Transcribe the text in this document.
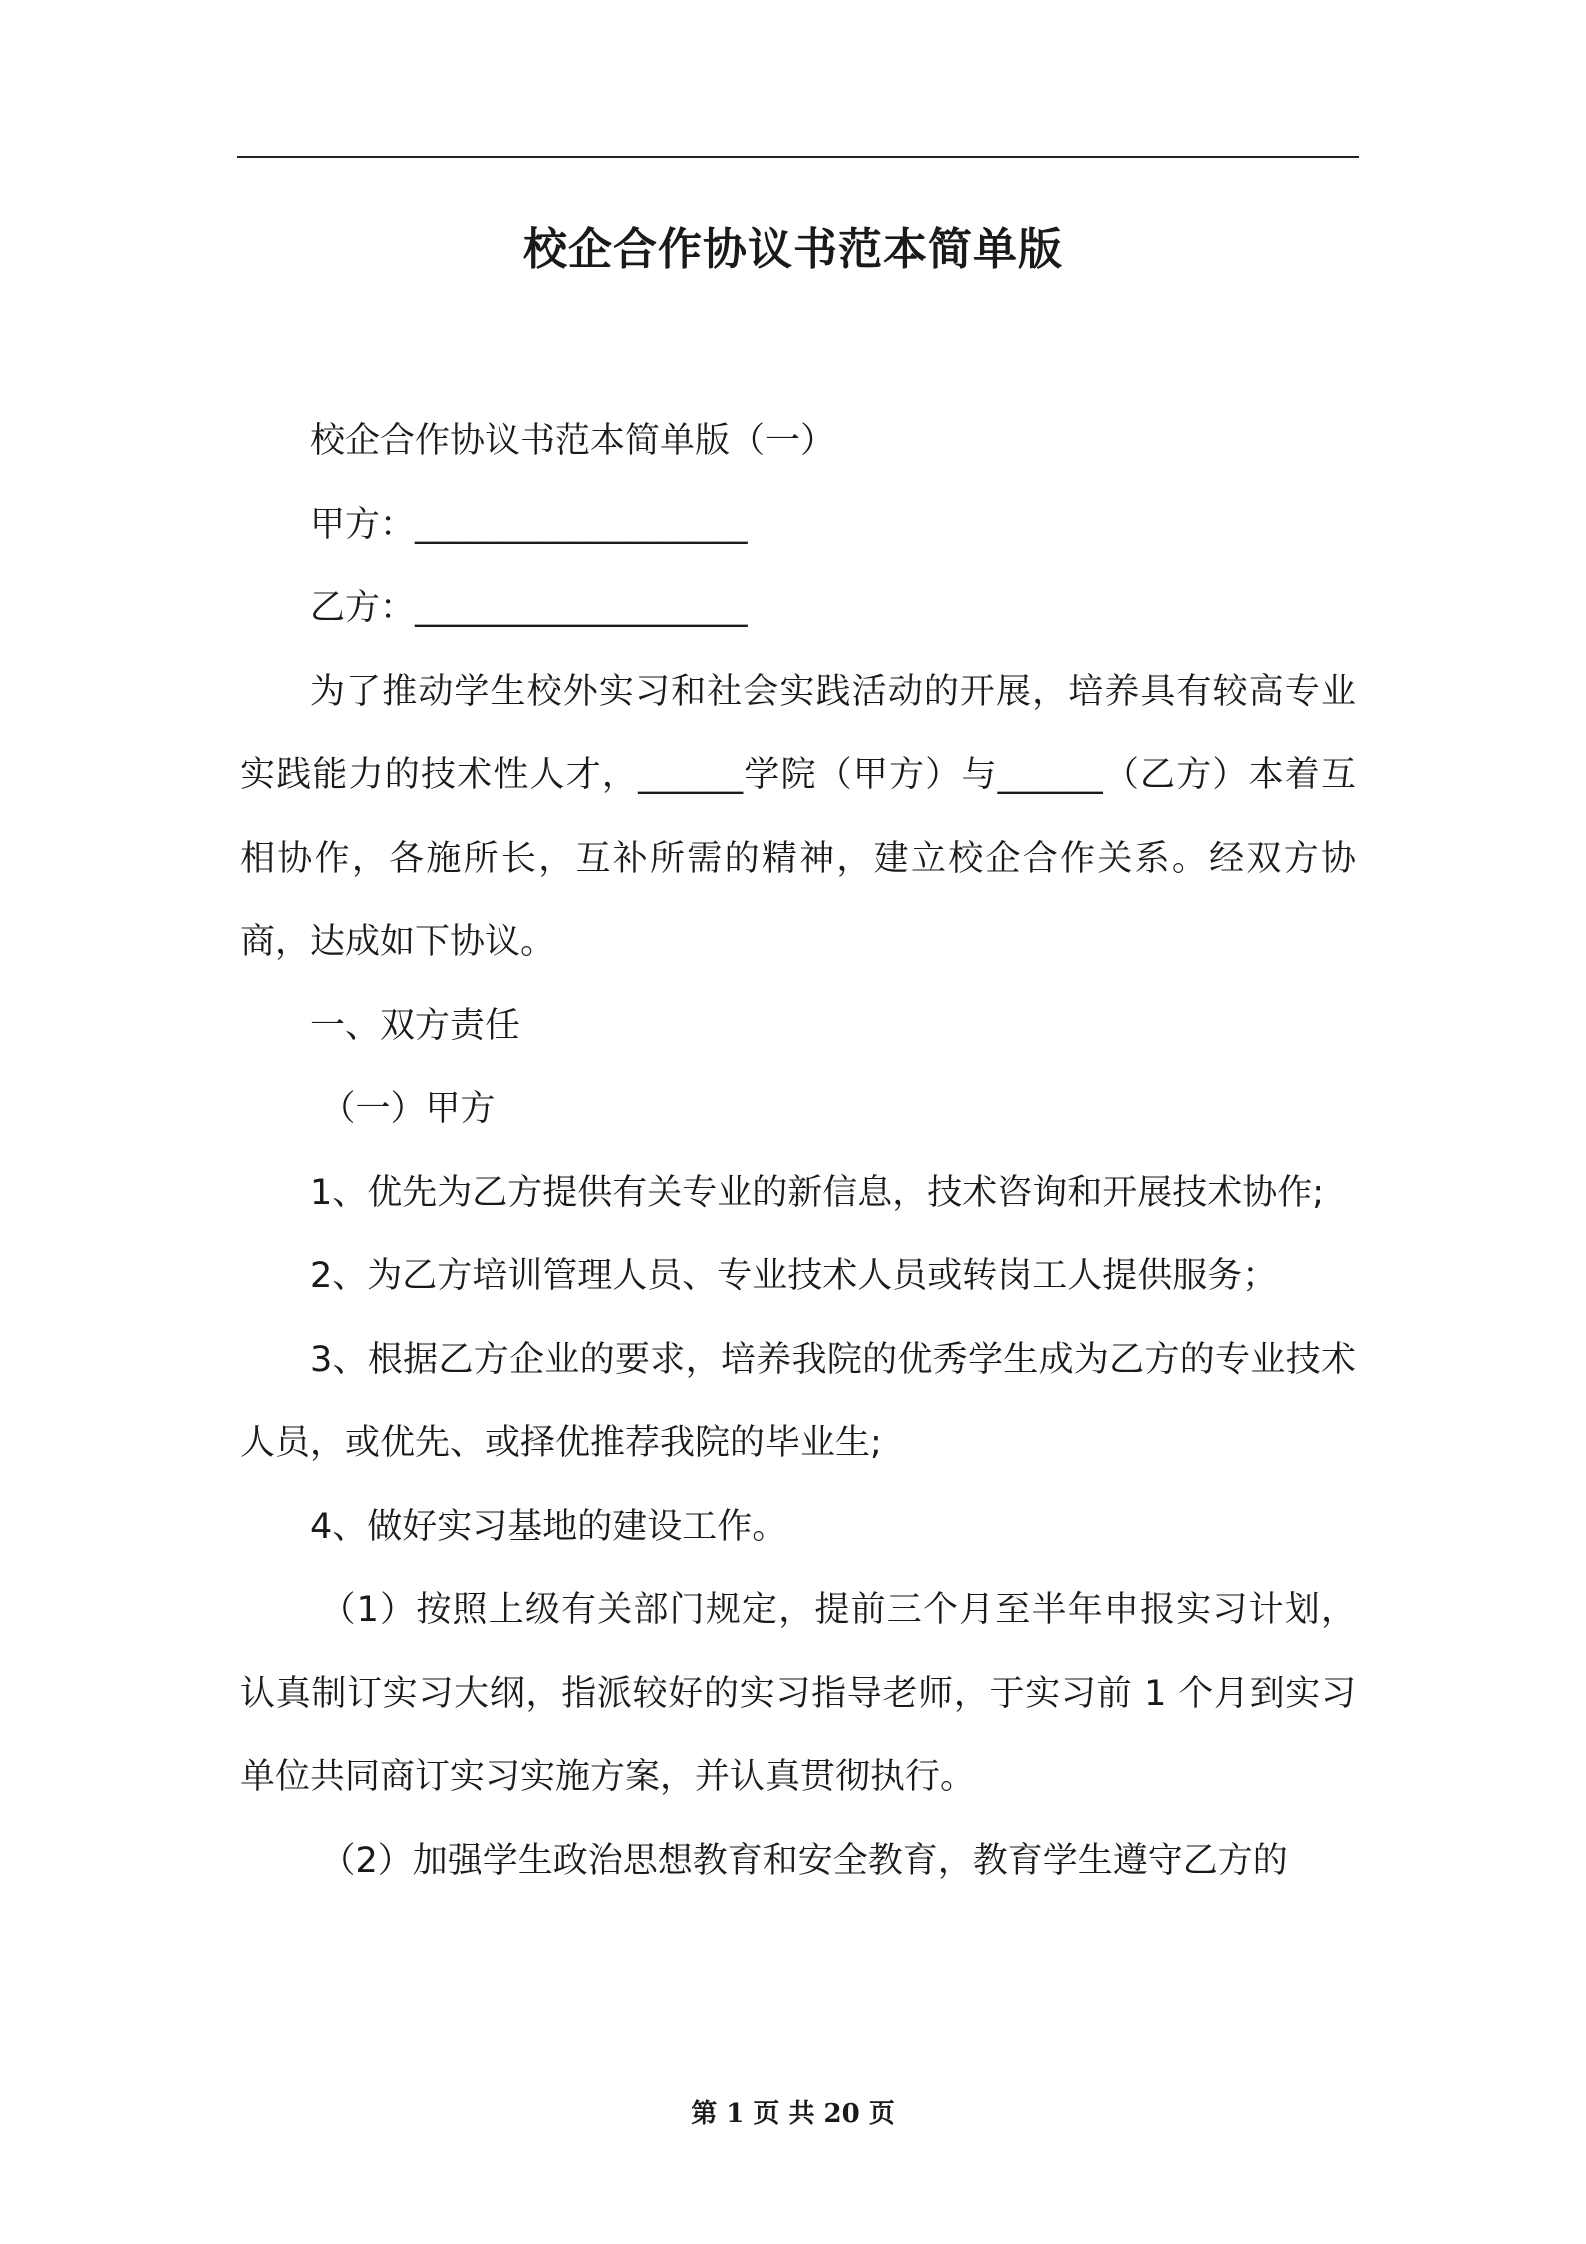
校企合作协议书范本简单版

校企合作协议书范本简单版（一）

甲方：___________________

乙方：___________________

为了推动学生校外实习和社会实践活动的开展，培养具有较高专业实践能力的技术性人才，______学院（甲方）与______（乙方）本着互相协作，各施所长，互补所需的精神，建立校企合作关系。经双方协商，达成如下协议。

一、双方责任

（一）甲方

1、优先为乙方提供有关专业的新信息，技术咨询和开展技术协作;

2、为乙方培训管理人员、专业技术人员或转岗工人提供服务；

3、根据乙方企业的要求，培养我院的优秀学生成为乙方的专业技术人员，或优先、或择优推荐我院的毕业生;

4、做好实习基地的建设工作。

（1）按照上级有关部门规定，提前三个月至半年申报实习计划，认真制订实习大纲，指派较好的实习指导老师，于实习前 1 个月到实习单位共同商订实习实施方案，并认真贯彻执行。

（2）加强学生政治思想教育和安全教育，教育学生遵守乙方的

第 1 页 共 20 页
